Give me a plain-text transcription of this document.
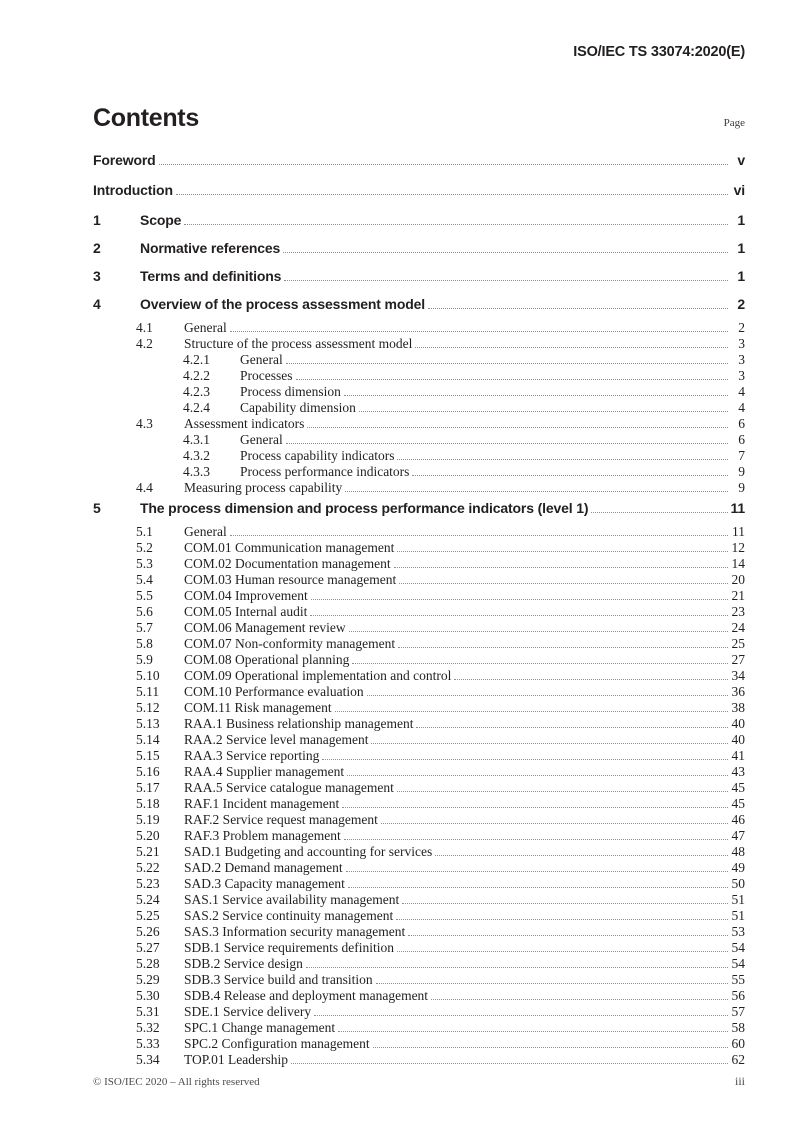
ISO/IEC TS 33074:2020(E)
Contents	Page
Foreword	v
Introduction	vi
1	Scope	1
2	Normative references	1
3	Terms and definitions	1
4	Overview of the process assessment model	2
4.1	General	2
4.2	Structure of the process assessment model	3
4.2.1	General	3
4.2.2	Processes	3
4.2.3	Process dimension	4
4.2.4	Capability dimension	4
4.3	Assessment indicators	6
4.3.1	General	6
4.3.2	Process capability indicators	7
4.3.3	Process performance indicators	9
4.4	Measuring process capability	9
5	The process dimension and process performance indicators (level 1)	11
5.1	General	11
5.2	COM.01 Communication management	12
5.3	COM.02 Documentation management	14
5.4	COM.03 Human resource management	20
5.5	COM.04 Improvement	21
5.6	COM.05 Internal audit	23
5.7	COM.06 Management review	24
5.8	COM.07 Non-conformity management	25
5.9	COM.08 Operational planning	27
5.10	COM.09 Operational implementation and control	34
5.11	COM.10 Performance evaluation	36
5.12	COM.11 Risk management	38
5.13	RAA.1 Business relationship management	40
5.14	RAA.2 Service level management	40
5.15	RAA.3 Service reporting	41
5.16	RAA.4 Supplier management	43
5.17	RAA.5 Service catalogue management	45
5.18	RAF.1 Incident management	45
5.19	RAF.2 Service request management	46
5.20	RAF.3 Problem management	47
5.21	SAD.1 Budgeting and accounting for services	48
5.22	SAD.2 Demand management	49
5.23	SAD.3 Capacity management	50
5.24	SAS.1 Service availability management	51
5.25	SAS.2 Service continuity management	51
5.26	SAS.3 Information security management	53
5.27	SDB.1 Service requirements definition	54
5.28	SDB.2 Service design	54
5.29	SDB.3 Service build and transition	55
5.30	SDB.4 Release and deployment management	56
5.31	SDE.1 Service delivery	57
5.32	SPC.1 Change management	58
5.33	SPC.2 Configuration management	60
5.34	TOP.01 Leadership	62
© ISO/IEC 2020 – All rights reserved	iii
